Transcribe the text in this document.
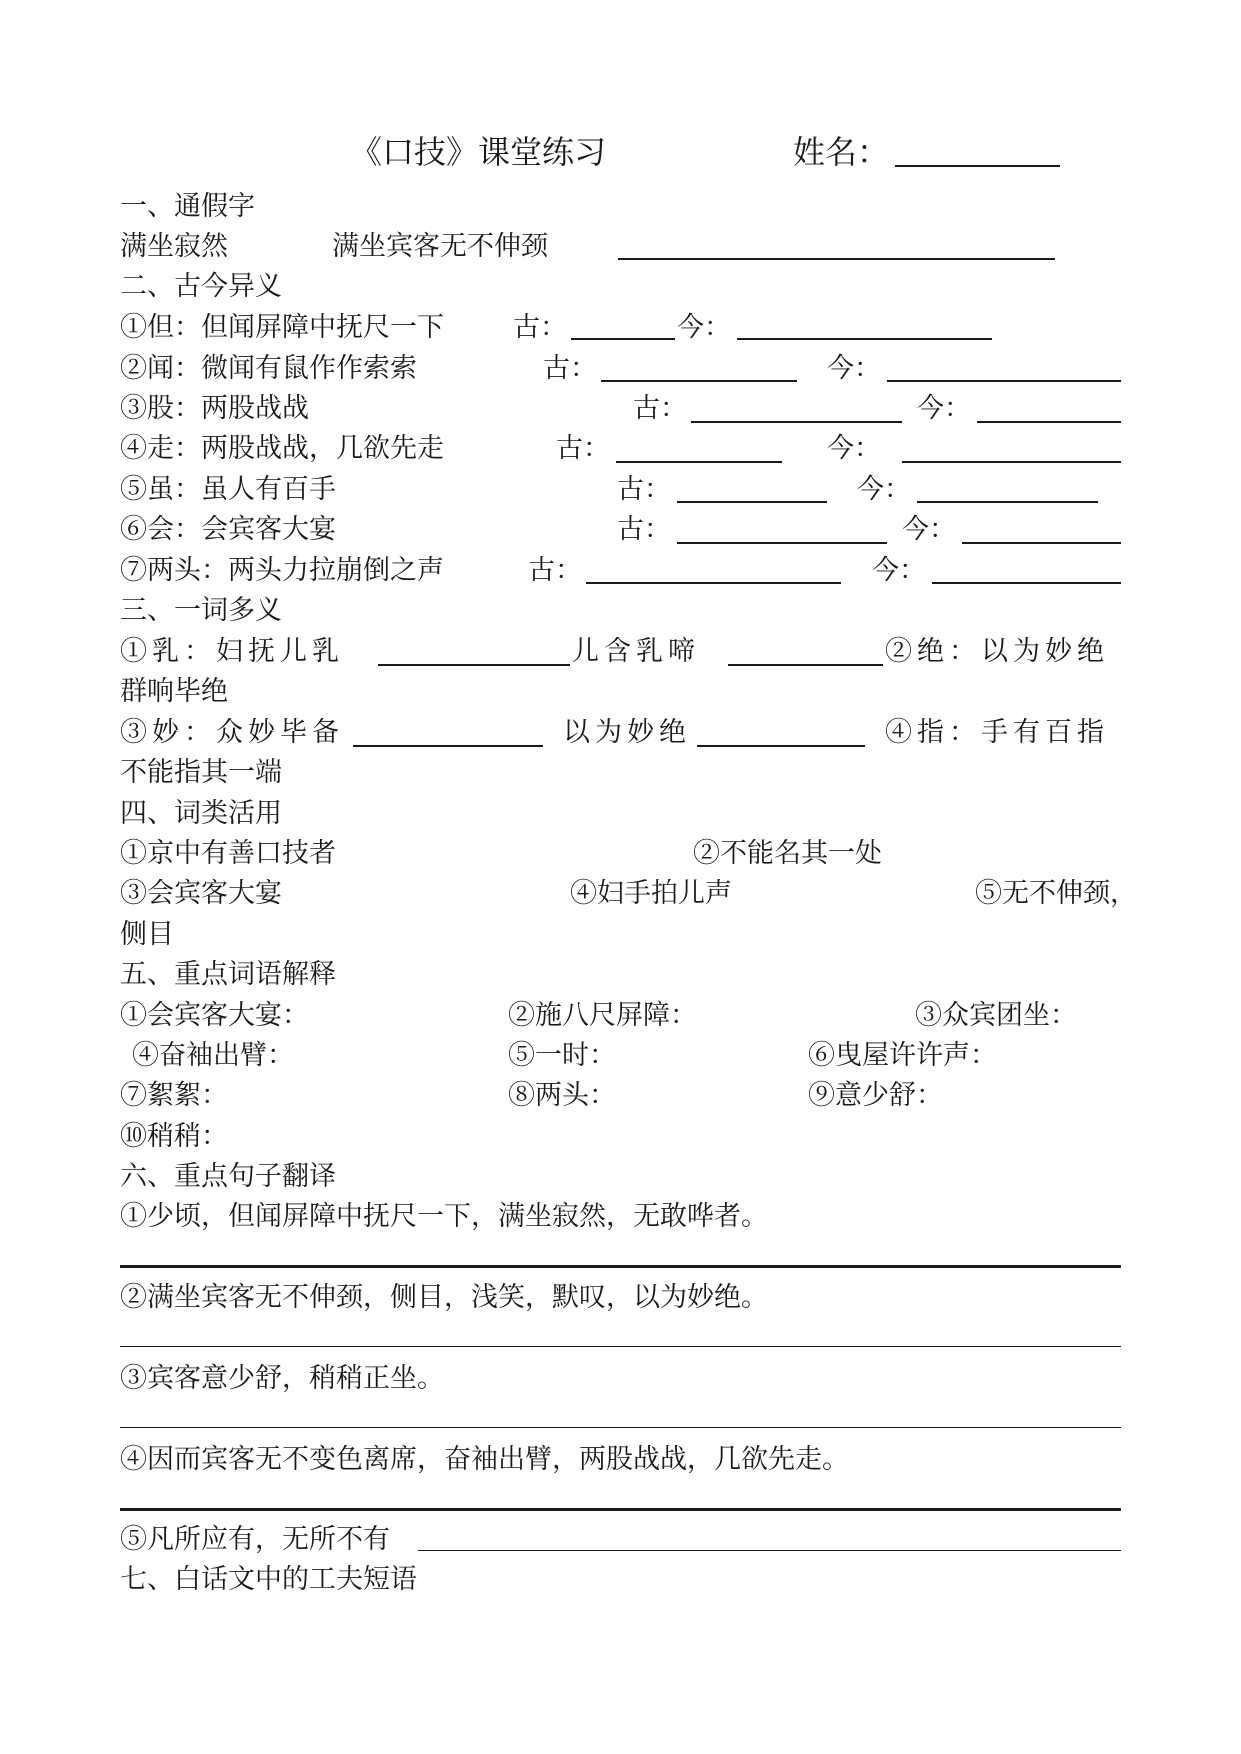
《口技》课堂练习	姓名：
一、通假字
满坐寂然	满坐宾客无不伸颈
二、古今异义
①但：但闻屏障中抚尺一下	古：	今：
②闻：微闻有鼠作作索索	古：	今：
③股：两股战战	古：	今：
④走：两股战战，几欲先走	古：	今：
⑤虽：虽人有百手	古：	今：
⑥会：会宾客大宴	古：	今：
⑦两头：两头力拉崩倒之声	古：	今：
三、一词多义
①乳：妇抚儿乳	儿含乳啼	②绝：以为妙绝
群响毕绝
③妙：众妙毕备	以为妙绝	④指：手有百指
不能指其一端
四、词类活用
①京中有善口技者	②不能名其一处
③会宾客大宴	④妇手拍儿声	⑤无不伸颈，
侧目
五、重点词语解释
①会宾客大宴：	②施八尺屏障：	③众宾团坐：
④奋袖出臂：	⑤一时：	⑥曳屋许许声：
⑦絮絮：	⑧两头：	⑨意少舒：
⑩稍稍：
六、重点句子翻译
①少顷，但闻屏障中抚尺一下，满坐寂然，无敢哗者。
②满坐宾客无不伸颈，侧目，浅笑，默叹，以为妙绝。
③宾客意少舒，稍稍正坐。
④因而宾客无不变色离席，奋袖出臂，两股战战，几欲先走。
⑤凡所应有，无所不有
七、白话文中的工夫短语
